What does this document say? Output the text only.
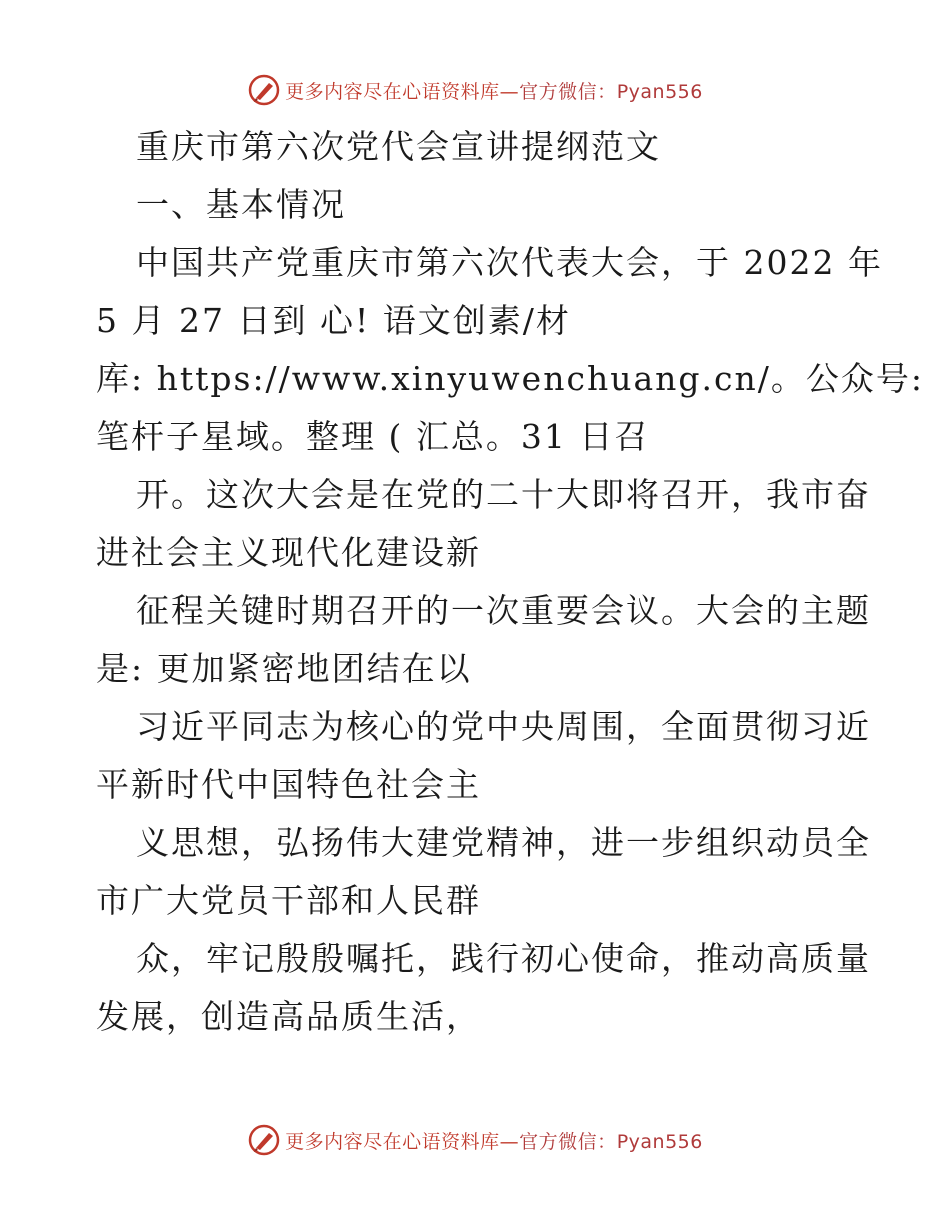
更多内容尽在心语资料库—官方微信：Pyan556
重庆市第六次党代会宣讲提纲范文
一、基本情况
中国共产党重庆市第六次代表大会，于 2022 年
5 月 27 日到 心! 语文创素/材
库: https://www.xinyuwenchuang.cn/。公众号:
笔杆子星域。整理 ( 汇总。31 日召
开。这次大会是在党的二十大即将召开，我市奋
进社会主义现代化建设新
征程关键时期召开的一次重要会议。大会的主题
是: 更加紧密地团结在以
习近平同志为核心的党中央周围，全面贯彻习近
平新时代中国特色社会主
义思想，弘扬伟大建党精神，进一步组织动员全
市广大党员干部和人民群
众，牢记殷殷嘱托，践行初心使命，推动高质量
发展，创造高品质生活，
更多内容尽在心语资料库—官方微信：Pyan556
